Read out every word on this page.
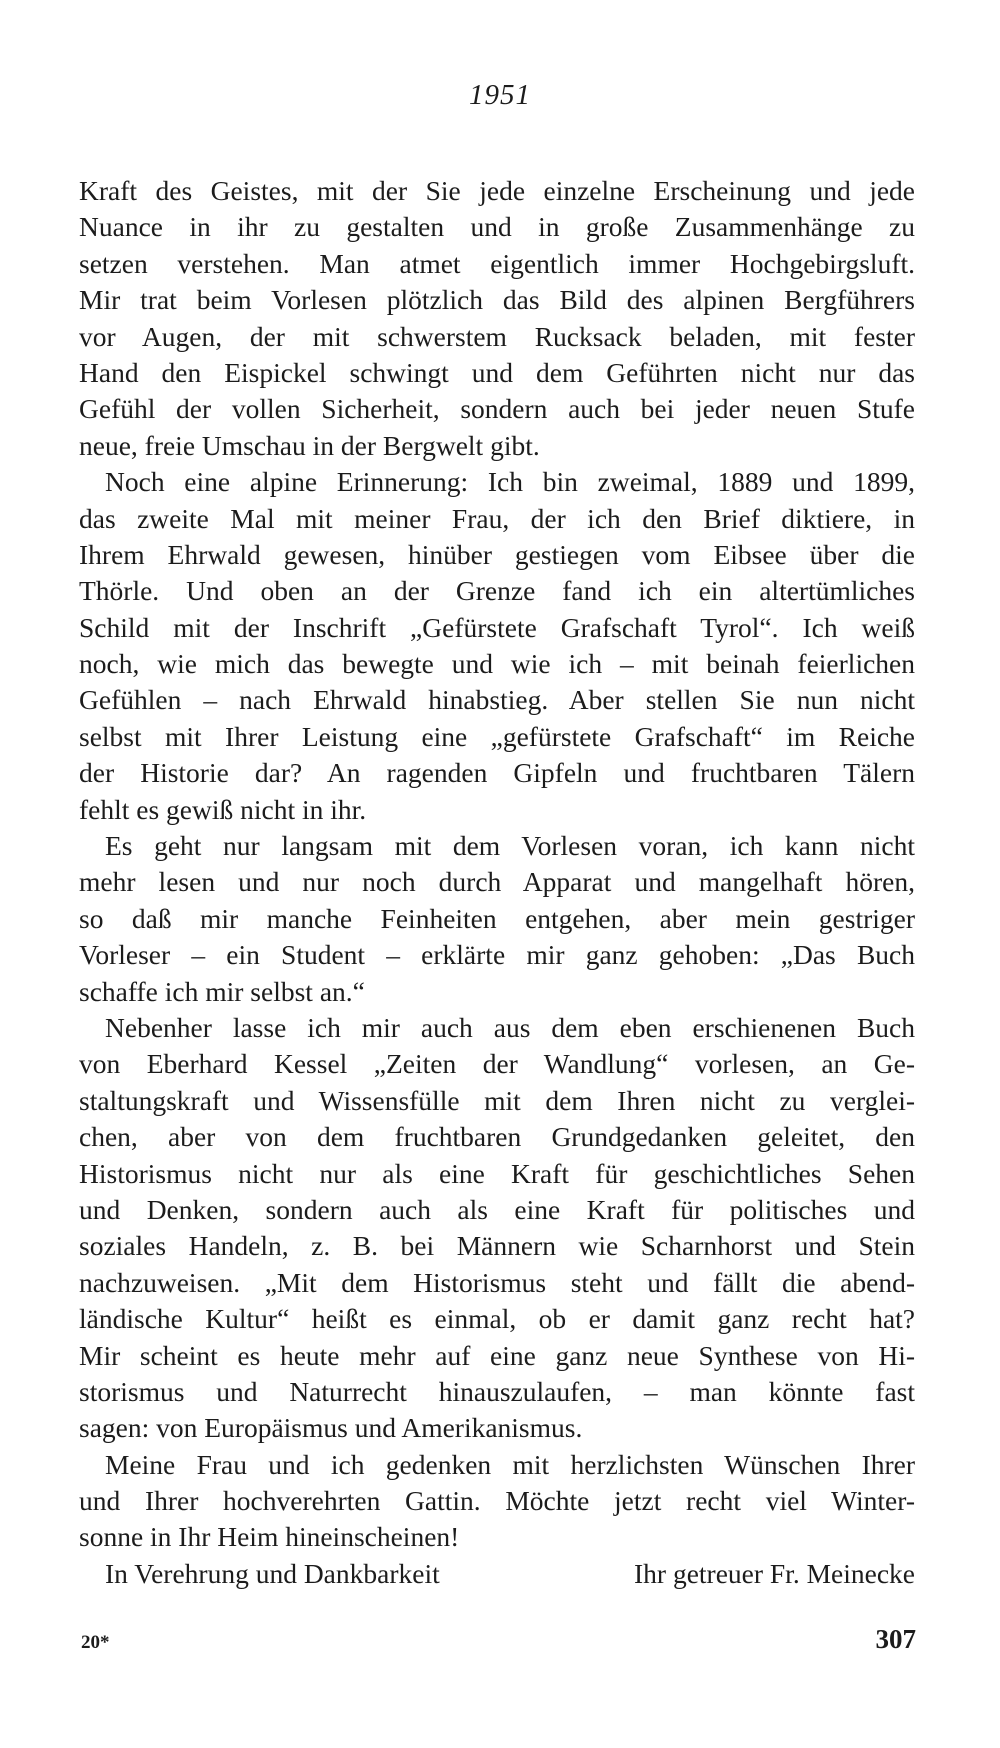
1951
Kraft des Geistes, mit der Sie jede einzelne Erscheinung und jede
Nuance in ihr zu gestalten und in große Zusammenhänge zu
setzen verstehen. Man atmet eigentlich immer Hochgebirgsluft.
Mir trat beim Vorlesen plötzlich das Bild des alpinen Bergführers
vor Augen, der mit schwerstem Rucksack beladen, mit fester
Hand den Eispickel schwingt und dem Geführten nicht nur das
Gefühl der vollen Sicherheit, sondern auch bei jeder neuen Stufe
neue, freie Umschau in der Bergwelt gibt.
Noch eine alpine Erinnerung: Ich bin zweimal, 1889 und 1899,
das zweite Mal mit meiner Frau, der ich den Brief diktiere, in
Ihrem Ehrwald gewesen, hinüber gestiegen vom Eibsee über die
Thörle. Und oben an der Grenze fand ich ein altertümliches
Schild mit der Inschrift „Gefürstete Grafschaft Tyrol“. Ich weiß
noch, wie mich das bewegte und wie ich – mit beinah feierlichen
Gefühlen – nach Ehrwald hinabstieg. Aber stellen Sie nun nicht
selbst mit Ihrer Leistung eine „gefürstete Grafschaft“ im Reiche
der Historie dar? An ragenden Gipfeln und fruchtbaren Tälern
fehlt es gewiß nicht in ihr.
Es geht nur langsam mit dem Vorlesen voran, ich kann nicht
mehr lesen und nur noch durch Apparat und mangelhaft hören,
so daß mir manche Feinheiten entgehen, aber mein gestriger
Vorleser – ein Student – erklärte mir ganz gehoben: „Das Buch
schaffe ich mir selbst an.“
Nebenher lasse ich mir auch aus dem eben erschienenen Buch
von Eberhard Kessel „Zeiten der Wandlung“ vorlesen, an Ge-
staltungskraft und Wissensfülle mit dem Ihren nicht zu verglei-
chen, aber von dem fruchtbaren Grundgedanken geleitet, den
Historismus nicht nur als eine Kraft für geschichtliches Sehen
und Denken, sondern auch als eine Kraft für politisches und
soziales Handeln, z. B. bei Männern wie Scharnhorst und Stein
nachzuweisen. „Mit dem Historismus steht und fällt die abend-
ländische Kultur“ heißt es einmal, ob er damit ganz recht hat?
Mir scheint es heute mehr auf eine ganz neue Synthese von Hi-
storismus und Naturrecht hinauszulaufen, – man könnte fast
sagen: von Europäismus und Amerikanismus.
Meine Frau und ich gedenken mit herzlichsten Wünschen Ihrer
und Ihrer hochverehrten Gattin. Möchte jetzt recht viel Winter-
sonne in Ihr Heim hineinscheinen!
In Verehrung und Dankbarkeit	Ihr getreuer Fr. Meinecke
20*	307
